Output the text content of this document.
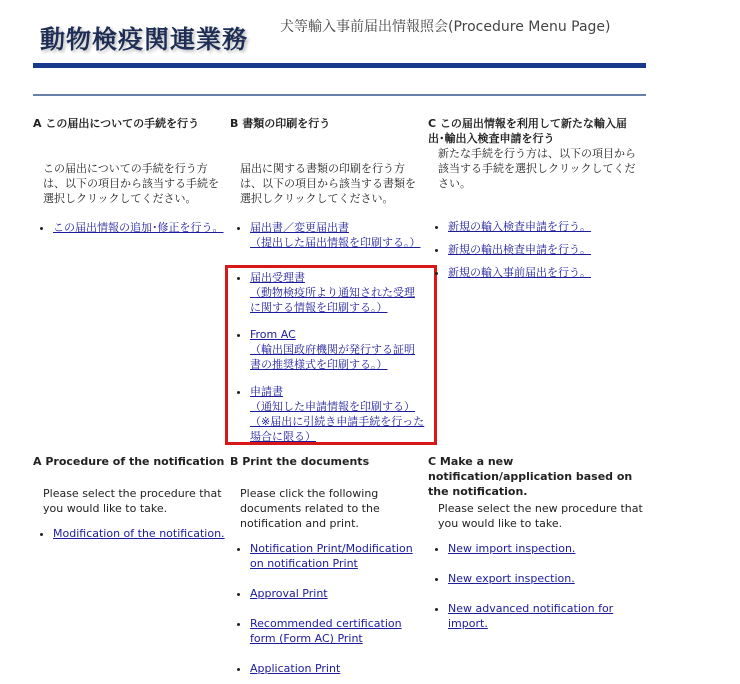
動物検疫関連業務 犬等輸入事前届出情報照会(Procedure Menu Page)
A この届出についての手続を行う

この届出についての手続を行う方は、以下の項目から該当する手続を選択しクリックしてください。

• この届出情報の追加･修正を行う。
B 書類の印刷を行う

届出に関する書類の印刷を行う方は、以下の項目から該当する書類を選択しクリックしてください。

• 届出書／変更届出書
（提出した届出情報を印刷する。）
• 届出受理書
（動物検疫所より通知された受理に関する情報を印刷する。）
• From AC
（輸出国政府機関が発行する証明書の推奨様式を印刷する。）
• 申請書
（通知した申請情報を印刷する）（※届出に引続き申請手続を行った場合に限る）
C この届出情報を利用して新たな輸入届出･輸出入検査申請を行う

新たな手続を行う方は、以下の項目から該当する手続を選択しクリックしてください。

• 新規の輸入検査申請を行う。
• 新規の輸出検査申請を行う。
• 新規の輸入事前届出を行う。
A Procedure of the notification

Please select the procedure that you would like to take.

• Modification of the notification.
B Print the documents

Please click the following documents related to the notification and print.

• Notification Print/Modification on notification Print
• Approval Print
• Recommended certification form (Form AC) Print
• Application Print
C Make a new notification/application based on the notification.

Please select the new procedure that you would like to take.

• New import inspection.
• New export inspection.
• New advanced notification for import.
